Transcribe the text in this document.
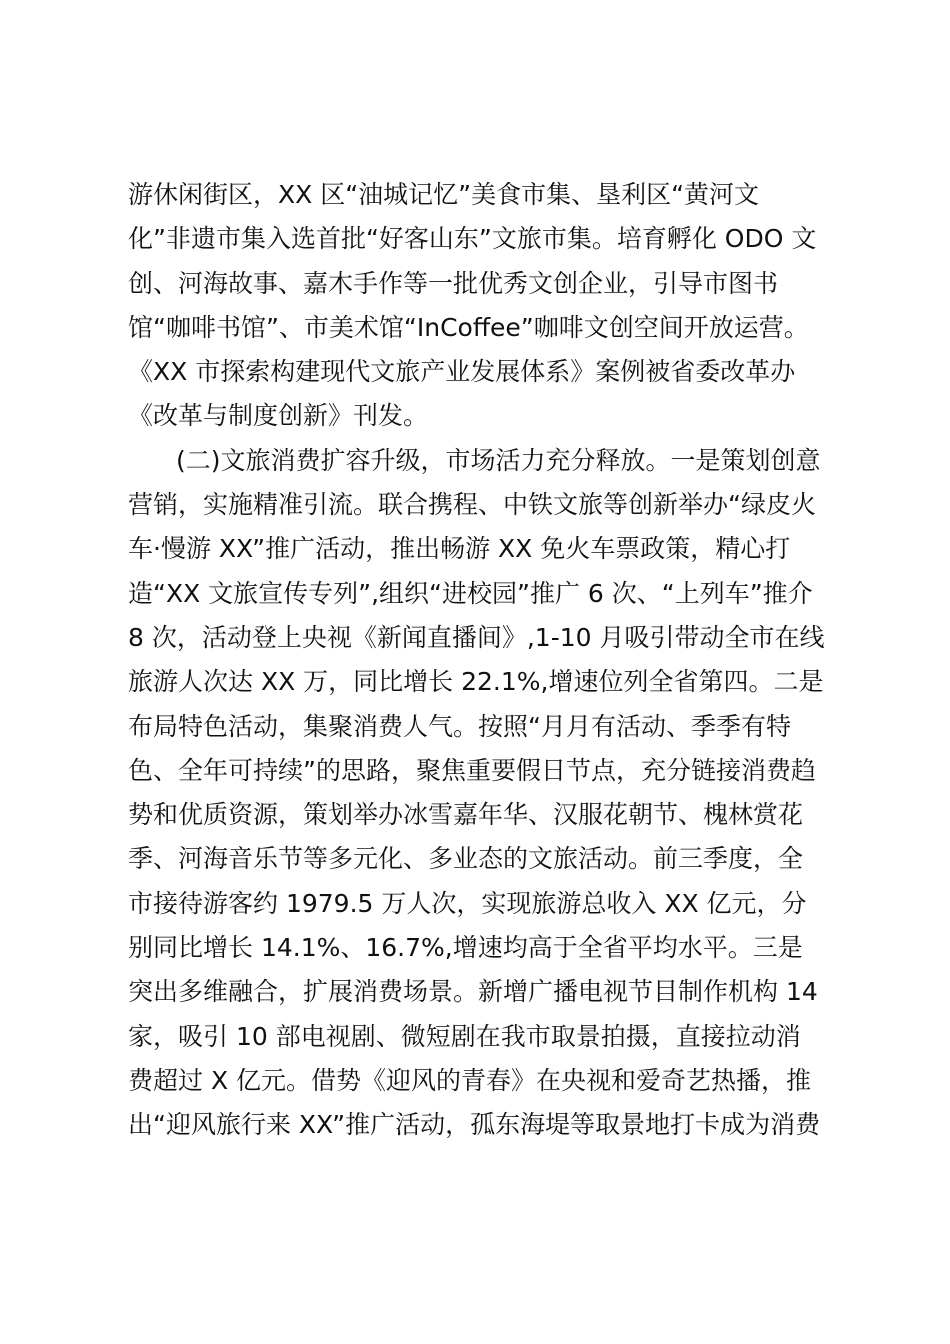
游休闲街区，XX 区“油城记忆”美食市集、垦利区“黄河文
化”非遗市集入选首批“好客山东”文旅市集。培育孵化 ODO 文
创、河海故事、嘉木手作等一批优秀文创企业，引导市图书
馆“咖啡书馆”、市美术馆“InCoffee”咖啡文创空间开放运营。
《XX 市探索构建现代文旅产业发展体系》案例被省委改革办
《改革与制度创新》刊发。
(二)文旅消费扩容升级，市场活力充分释放。一是策划创意
营销，实施精准引流。联合携程、中铁文旅等创新举办“绿皮火
车·慢游 XX”推广活动，推出畅游 XX 免火车票政策，精心打
造“XX 文旅宣传专列”,组织“进校园”推广 6 次、“上列车”推介
8 次，活动登上央视《新闻直播间》,1-10 月吸引带动全市在线
旅游人次达 XX 万，同比增长 22.1%,增速位列全省第四。二是
布局特色活动，集聚消费人气。按照“月月有活动、季季有特
色、全年可持续”的思路，聚焦重要假日节点，充分链接消费趋
势和优质资源，策划举办冰雪嘉年华、汉服花朝节、槐林赏花
季、河海音乐节等多元化、多业态的文旅活动。前三季度，全
市接待游客约 1979.5 万人次，实现旅游总收入 XX 亿元，分
别同比增长 14.1%、16.7%,增速均高于全省平均水平。三是
突出多维融合，扩展消费场景。新增广播电视节目制作机构 14
家，吸引 10 部电视剧、微短剧在我市取景拍摄，直接拉动消
费超过 X 亿元。借势《迎风的青春》在央视和爱奇艺热播，推
出“迎风旅行来 XX”推广活动，孤东海堤等取景地打卡成为消费
